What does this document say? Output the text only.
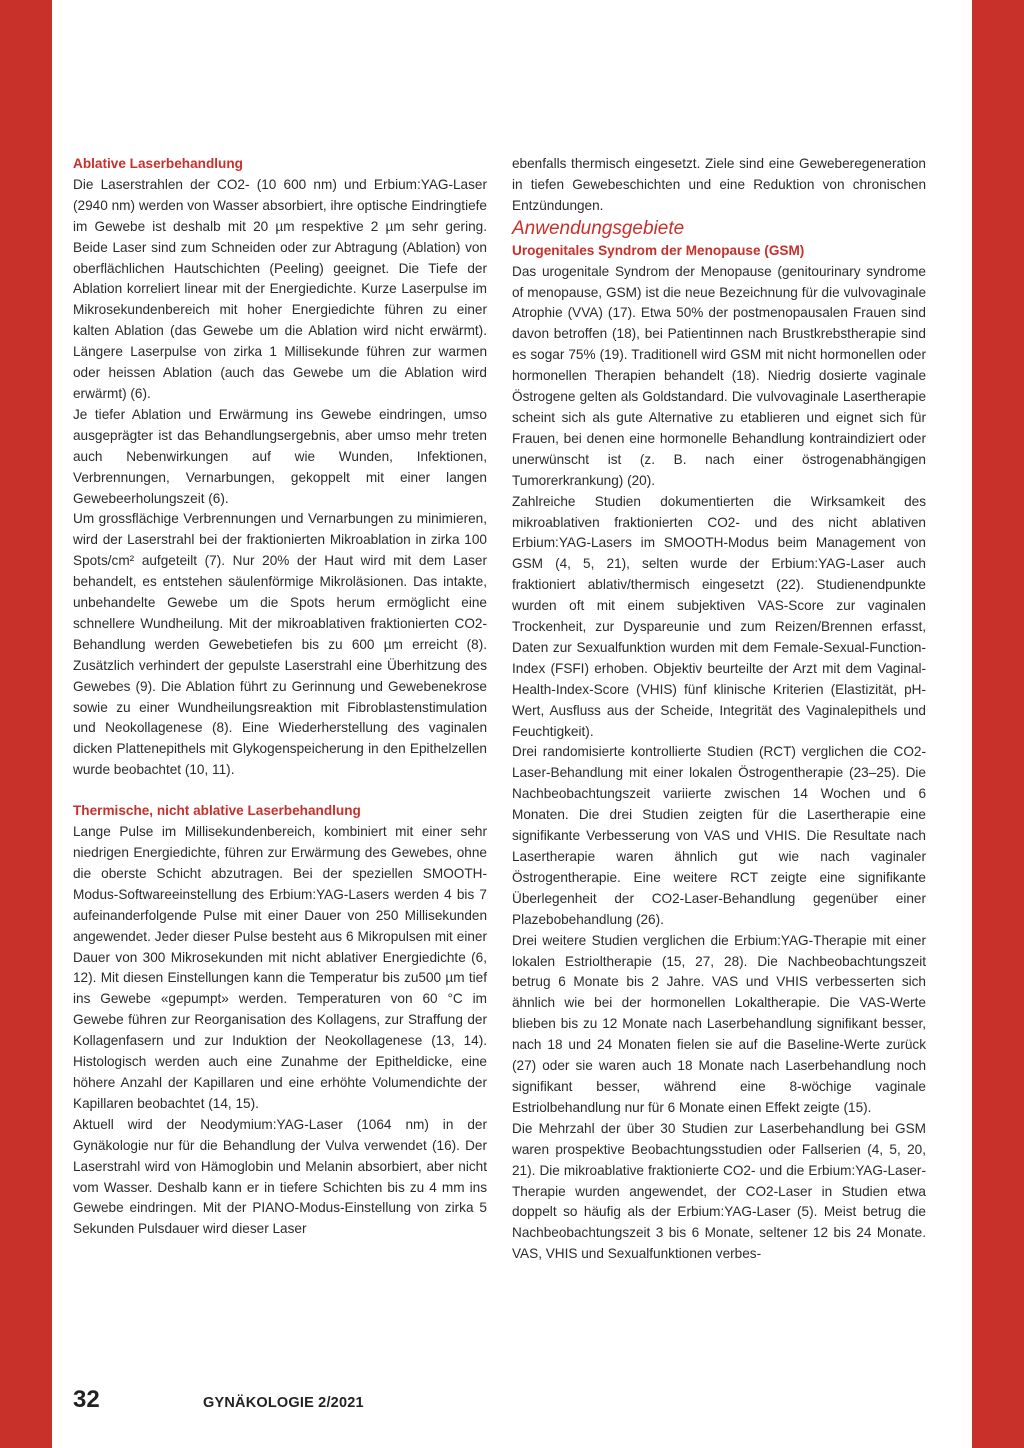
Ablative Laserbehandlung

Die Laserstrahlen der CO2- (10 600 nm) und Erbium:YAG-Laser (2940 nm) werden von Wasser absorbiert, ihre optische Eindringtiefe im Gewebe ist deshalb mit 20 µm respektive 2 µm sehr gering. Beide Laser sind zum Schneiden oder zur Abtragung (Ablation) von oberflächlichen Hautschichten (Peeling) geeignet. Die Tiefe der Ablation korreliert linear mit der Energiedichte. Kurze Laserpulse im Mikrosekundenbereich mit hoher Energiedichte führen zu einer kalten Ablation (das Gewebe um die Ablation wird nicht erwärmt). Längere Laserpulse von zirka 1 Millisekunde führen zur warmen oder heissen Ablation (auch das Gewebe um die Ablation wird erwärmt) (6).

Je tiefer Ablation und Erwärmung ins Gewebe eindringen, umso ausgeprägter ist das Behandlungsergebnis, aber umso mehr treten auch Nebenwirkungen auf wie Wunden, Infektionen, Verbrennungen, Vernarbungen, gekoppelt mit einer langen Gewebeerholungszeit (6).

Um grossflächige Verbrennungen und Vernarbungen zu minimieren, wird der Laserstrahl bei der fraktionierten Mikroablation in zirka 100 Spots/cm² aufgeteilt (7). Nur 20% der Haut wird mit dem Laser behandelt, es entstehen säulenförmige Mikroläsionen. Das intakte, unbehandelte Gewebe um die Spots herum ermöglicht eine schnellere Wundheilung. Mit der mikroablativen fraktionierten CO2-Behandlung werden Gewebetiefen bis zu 600 µm erreicht (8). Zusätzlich verhindert der gepulste Laserstrahl eine Überhitzung des Gewebes (9). Die Ablation führt zu Gerinnung und Gewebenekrose sowie zu einer Wundheilungsreaktion mit Fibroblastenstimulation und Neokollagenese (8). Eine Wiederherstellung des vaginalen dicken Plattenepithels mit Glykogenspeicherung in den Epithelzellen wurde beobachtet (10, 11).

Thermische, nicht ablative Laserbehandlung

Lange Pulse im Millisekundenbereich, kombiniert mit einer sehr niedrigen Energiedichte, führen zur Erwärmung des Gewebes, ohne die oberste Schicht abzutragen. Bei der speziellen SMOOTH-Modus-Softwareeinstellung des Erbium:YAG-Lasers werden 4 bis 7 aufeinanderfolgende Pulse mit einer Dauer von 250 Millisekunden angewendet. Jeder dieser Pulse besteht aus 6 Mikropulsen mit einer Dauer von 300 Mikrosekunden mit nicht ablativer Energiedichte (6, 12). Mit diesen Einstellungen kann die Temperatur bis zu500 µm tief ins Gewebe «gepumpt» werden. Temperaturen von 60 °C im Gewebe führen zur Reorganisation des Kollagens, zur Straffung der Kollagenfasern und zur Induktion der Neokollagenese (13, 14). Histologisch werden auch eine Zunahme der Epitheldicke, eine höhere Anzahl der Kapillaren und eine erhöhte Volumendichte der Kapillaren beobachtet (14, 15).

Aktuell wird der Neodymium:YAG-Laser (1064 nm) in der Gynäkologie nur für die Behandlung der Vulva verwendet (16). Der Laserstrahl wird von Hämoglobin und Melanin absorbiert, aber nicht vom Wasser. Deshalb kann er in tiefere Schichten bis zu 4 mm ins Gewebe eindringen. Mit der PIANO-Modus-Einstellung von zirka 5 Sekunden Pulsdauer wird dieser Laser

ebenfalls thermisch eingesetzt. Ziele sind eine Geweberegeneration in tiefen Gewebeschichten und eine Reduktion von chronischen Entzündungen.

Anwendungsgebiete

Urogenitales Syndrom der Menopause (GSM)

Das urogenitale Syndrom der Menopause (genitourinary syndrome of menopause, GSM) ist die neue Bezeichnung für die vulvovaginale Atrophie (VVA) (17). Etwa 50% der postmenopausalen Frauen sind davon betroffen (18), bei Patientinnen nach Brustkrebstherapie sind es sogar 75% (19). Traditionell wird GSM mit nicht hormonellen oder hormonellen Therapien behandelt (18). Niedrig dosierte vaginale Östrogene gelten als Goldstandard. Die vulvovaginale Lasertherapie scheint sich als gute Alternative zu etablieren und eignet sich für Frauen, bei denen eine hormonelle Behandlung kontraindiziert oder unerwünscht ist (z. B. nach einer östrogenabhängigen Tumorerkrankung) (20).

Zahlreiche Studien dokumentierten die Wirksamkeit des mikroablativen fraktionierten CO2- und des nicht ablativen Erbium:YAG-Lasers im SMOOTH-Modus beim Management von GSM (4, 5, 21), selten wurde der Erbium:YAG-Laser auch fraktioniert ablativ/thermisch eingesetzt (22). Studienendpunkte wurden oft mit einem subjektiven VAS-Score zur vaginalen Trockenheit, zur Dyspareunie und zum Reizen/Brennen erfasst, Daten zur Sexualfunktion wurden mit dem Female-Sexual-Function-Index (FSFI) erhoben. Objektiv beurteilte der Arzt mit dem Vaginal-Health-Index-Score (VHIS) fünf klinische Kriterien (Elastizität, pH-Wert, Ausfluss aus der Scheide, Integrität des Vaginalepithels und Feuchtigkeit).

Drei randomisierte kontrollierte Studien (RCT) verglichen die CO2-Laser-Behandlung mit einer lokalen Östrogentherapie (23–25). Die Nachbeobachtungszeit variierte zwischen 14 Wochen und 6 Monaten. Die drei Studien zeigten für die Lasertherapie eine signifikante Verbesserung von VAS und VHIS. Die Resultate nach Lasertherapie waren ähnlich gut wie nach vaginaler Östrogentherapie. Eine weitere RCT zeigte eine signifikante Überlegenheit der CO2-Laser-Behandlung gegenüber einer Plazebobehandlung (26).

Drei weitere Studien verglichen die Erbium:YAG-Therapie mit einer lokalen Estrioltherapie (15, 27, 28). Die Nachbeobachtungszeit betrug 6 Monate bis 2 Jahre. VAS und VHIS verbesserten sich ähnlich wie bei der hormonellen Lokaltherapie. Die VAS-Werte blieben bis zu 12 Monate nach Laserbehandlung signifikant besser, nach 18 und 24 Monaten fielen sie auf die Baseline-Werte zurück (27) oder sie waren auch 18 Monate nach Laserbehandlung noch signifikant besser, während eine 8-wöchige vaginale Estriolbehandlung nur für 6 Monate einen Effekt zeigte (15).

Die Mehrzahl der über 30 Studien zur Laserbehandlung bei GSM waren prospektive Beobachtungsstudien oder Fallserien (4, 5, 20, 21). Die mikroablative fraktionierte CO2- und die Erbium:YAG-Laser-Therapie wurden angewendet, der CO2-Laser in Studien etwa doppelt so häufig als der Erbium:YAG-Laser (5). Meist betrug die Nachbeobachtungszeit 3 bis 6 Monate, seltener 12 bis 24 Monate. VAS, VHIS und Sexualfunktionen verbes-

32	GYNÄKOLOGIE 2/2021
